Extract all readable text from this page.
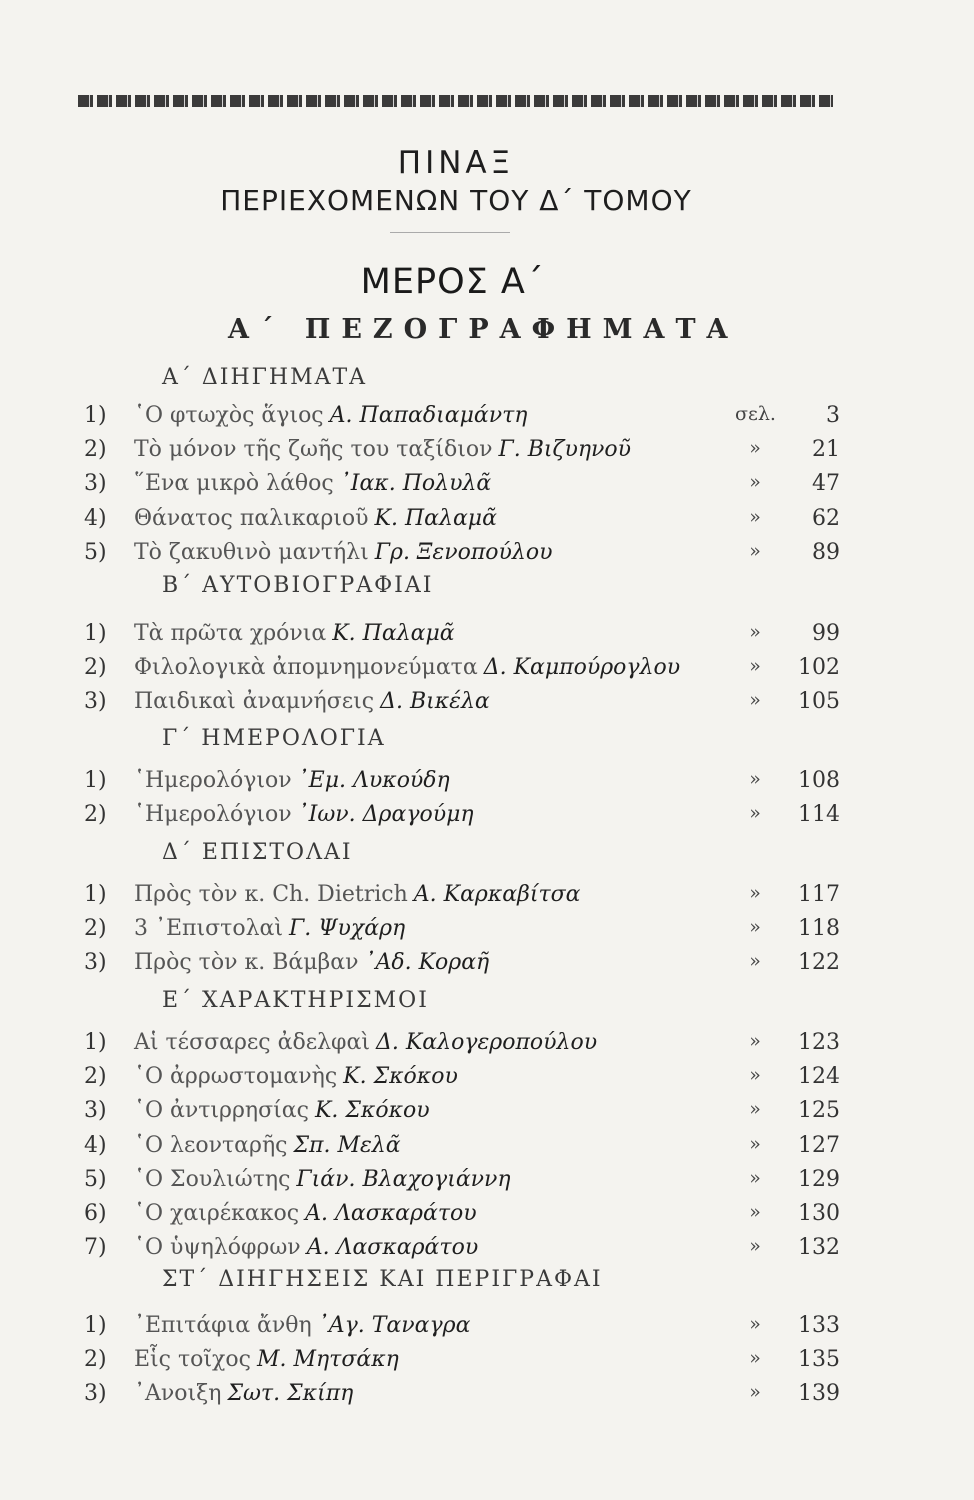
ΠΙΝΑΞ
ΠΕΡΙΕΧΟΜΕΝΩΝ ΤΟΥ Δ΄ ΤΟΜΟΥ
ΜΕΡΟΣ Α΄
Α΄ ΠΕΖΟΓΡΑΦΗΜΑΤΑ
Α΄ ΔΙΗΓΗΜΑΤΑ
1) ῾Ο φτωχὸς ἅγιος Α. Παπαδιαμάντη	σελ.	3
2) Τὸ μόνον τῆς ζωῆς του ταξίδιον Γ. Βιζυηνοῦ	»	21
3) ῞Ενα μικρὸ λάθος ᾿Ιακ. Πολυλᾶ	»	47
4) Θάνατος παλικαριοῦ Κ. Παλαμᾶ	»	62
5) Τὸ ζακυθινὸ μαντήλι Γρ. Ξενοπούλου	»	89
Β΄ ΑΥΤΟΒΙΟΓΡΑΦΙΑΙ
1) Τὰ πρῶτα χρόνια Κ. Παλαμᾶ	»	99
2) Φιλολογικὰ ἀπομνημονεύματα Δ. Καμπούρογλου	»	102
3) Παιδικαὶ ἀναμνήσεις Δ. Βικέλα	»	105
Γ΄ ΗΜΕΡΟΛΟΓΙΑ
1) ῾Ημερολόγιον ᾿Εμ. Λυκούδη	»	108
2) ῾Ημερολόγιον ᾿Ιων. Δραγούμη	»	114
Δ΄ ΕΠΙΣΤΟΛΑΙ
1) Πρὸς τὸν κ. Ch. Dietrich Α. Καρκαβίτσα	»	117
2) 3 ᾿Επιστολαὶ Γ. Ψυχάρη	»	118
3) Πρὸς τὸν κ. Βάμβαν ᾿Αδ. Κοραῆ	»	122
Ε΄ ΧΑΡΑΚΤΗΡΙΣΜΟΙ
1) Αἱ τέσσαρες ἀδελφαὶ Δ. Καλογεροπούλου	»	123
2) ῾Ο ἀρρωστομανὴς Κ. Σκόκου	»	124
3) ῾Ο ἀντιρρησίας Κ. Σκόκου	»	125
4) ῾Ο λεονταρῆς Σπ. Μελᾶ	»	127
5) ῾Ο Σουλιώτης Γιάν. Βλαχογιάννη	»	129
6) ῾Ο χαιρέκακος Α. Λασκαράτου	»	130
7) ῾Ο ὑψηλόφρων Α. Λασκαράτου	»	132
ΣΤ΄ ΔΙΗΓΗΣΕΙΣ ΚΑΙ ΠΕΡΙΓΡΑΦΑΙ
1) ᾿Επιτάφια ἄνθη ᾿Αγ. Ταναγρα	»	133
2) Εἷς τοῖχος Μ. Μητσάκη	»	135
3) ᾿Ανοιξη Σωτ. Σκίπη	»	139
